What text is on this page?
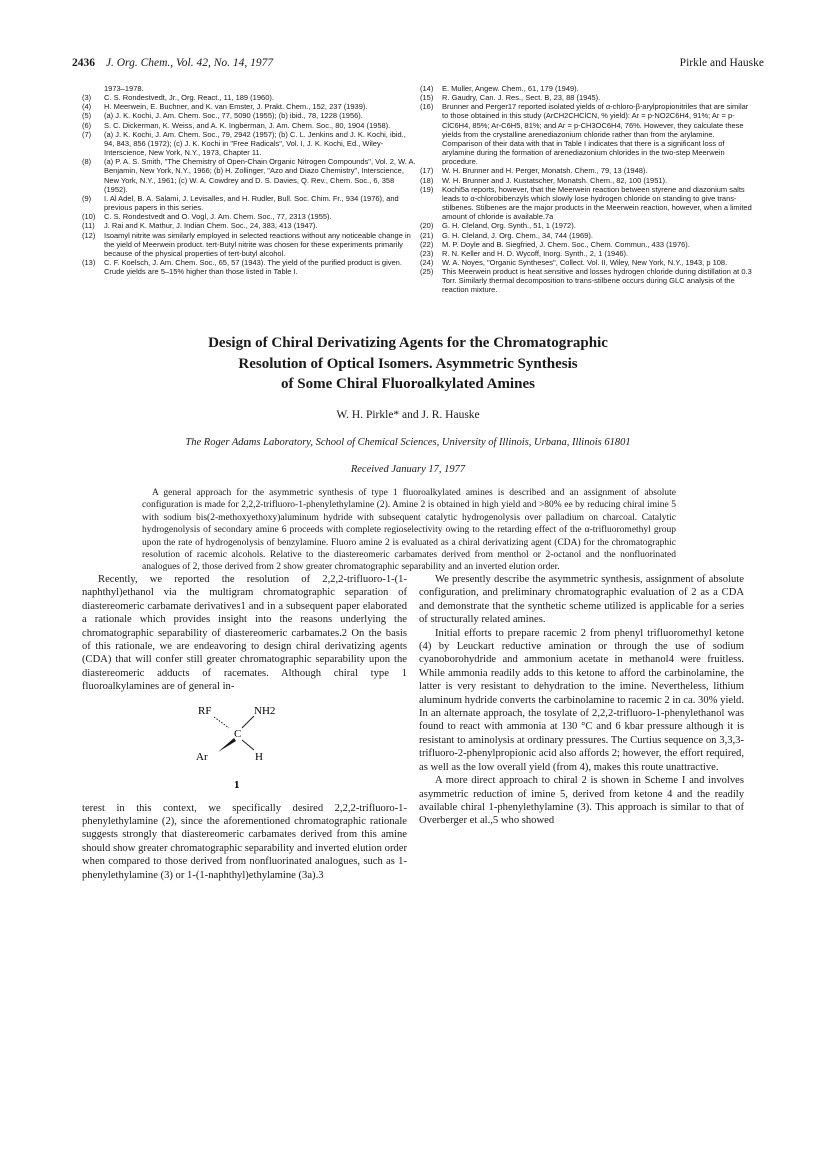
2436 J. Org. Chem., Vol. 42, No. 14, 1977	Pirkle and Hauske
1973–1978.
(3) C. S. Rondestvedt, Jr., Org. React., 11, 189 (1960).
(4) H. Meerwein, E. Buchner, and K. van Emster, J. Prakt. Chem., 152, 237 (1939).
(5) (a) J. K. Kochi, J. Am. Chem. Soc., 77, 5090 (1955); (b) ibid., 78, 1228 (1956).
(6) S. C. Dickerman, K. Weiss, and A. K. Ingberman, J. Am. Chem. Soc., 80, 1904 (1958).
(7) (a) J. K. Kochi, J. Am. Chem. Soc., 79, 2942 (1957); (b) C. L. Jenkins and J. K. Kochi, ibid., 94, 843, 856 (1972); (c) J. K. Kochi in "Free Radicals", Vol. I, J. K. Kochi, Ed., Wiley-Interscience, New York, N.Y., 1973, Chapter 11.
(8) (a) P. A. S. Smith, "The Chemistry of Open-Chain Organic Nitrogen Compounds", Vol. 2, W. A. Benjamin, New York, N.Y., 1966; (b) H. Zollinger, "Azo and Diazo Chemistry", Interscience, New York, N.Y., 1961; (c) W. A. Cowdrey and D. S. Davies, Q. Rev., Chem. Soc., 6, 358 (1952).
(9) I. Al Adel, B. A. Salami, J. Levisalles, and H. Rudler, Bull. Soc. Chim. Fr., 934 (1976), and previous papers in this series.
(10) C. S. Rondestvedt and O. Vogl, J. Am. Chem. Soc., 77, 2313 (1955).
(11) J. Rai and K. Mathur, J. Indian Chem. Soc., 24, 383, 413 (1947).
(12) Isoamyl nitrite was similarly employed in selected reactions without any noticeable change in the yield of Meerwein product. tert-Butyl nitrite was chosen for these experiments primarily because of the physical properties of tert-butyl alcohol.
(13) C. F. Koelsch, J. Am. Chem. Soc., 65, 57 (1943). The yield of the purified product is given. Crude yields are 5–15% higher than those listed in Table I.
(14) E. Muller, Angew. Chem., 61, 179 (1949).
(15) R. Gaudry, Can. J. Res., Sect. B, 23, 88 (1945).
(16) Brunner and Perger17 reported isolated yields of α-chloro-β-arylpropionitriles that are similar to those obtained in this study (ArCH2CHClCN, % yield): Ar = p-NO2C6H4, 91%; Ar = p-ClC6H4, 85%; Ar-C6H5, 81%; and Ar = p-CH3OC6H4, 76%. However, they calculate these yields from the crystalline arenediazonium chloride rather than from the arylamine. Comparison of their data with that in Table I indicates that there is a significant loss of arylamine during the formation of arenediazonium chlorides in the two-step Meerwein procedure.
(17) W. H. Brunner and H. Perger, Monatsh. Chem., 79, 13 (1948).
(18) W. H. Brunner and J. Kustatscher, Monatsh. Chem., 82, 100 (1951).
(19) Kochi5a reports, however, that the Meerwein reaction between styrene and diazonium salts leads to α-chlorobibenzyls which slowly lose hydrogen chloride on standing to give trans-stilbenes. Stilbenes are the major products in the Meerwein reaction, however, when a limited amount of chloride is available.7a
(20) G. H. Cleland, Org. Synth., 51, 1 (1972).
(21) G. H. Cleland, J. Org. Chem., 34, 744 (1969).
(22) M. P. Doyle and B. Siegfried, J. Chem. Soc., Chem. Commun., 433 (1976).
(23) R. N. Keller and H. D. Wycoff, Inorg. Synth., 2, 1 (1946).
(24) W. A. Noyes, "Organic Syntheses", Collect. Vol. II, Wiley, New York, N.Y., 1943, p 108.
(25) This Meerwein product is heat sensitive and losses hydrogen chloride during distillation at 0.3 Torr. Similarly thermal decomposition to trans-stilbene occurs during GLC analysis of the reaction mixture.
Design of Chiral Derivatizing Agents for the Chromatographic
Resolution of Optical Isomers. Asymmetric Synthesis
of Some Chiral Fluoroalkylated Amines
W. H. Pirkle* and J. R. Hauske
The Roger Adams Laboratory, School of Chemical Sciences, University of Illinois, Urbana, Illinois 61801
Received January 17, 1977
A general approach for the asymmetric synthesis of type 1 fluoroalkylated amines is described and an assignment of absolute configuration is made for 2,2,2-trifluoro-1-phenylethylamine (2). Amine 2 is obtained in high yield and >80% ee by reducing chiral imine 5 with sodium bis(2-methoxyethoxy)aluminum hydride with subsequent catalytic hydrogenolysis over palladium on charcoal. Catalytic hydrogenolysis of secondary amine 6 proceeds with complete regioselectivity owing to the retarding effect of the α-trifluoromethyl group upon the rate of hydrogenolysis of benzylamine. Fluoro amine 2 is evaluated as a chiral derivatizing agent (CDA) for the chromatographic resolution of racemic alcohols. Relative to the diastereomeric carbamates derived from menthol or 2-octanol and the nonfluorinated analogues of 2, those derived from 2 show greater chromatographic separability and an inverted elution order.

Recently, we reported the resolution of 2,2,2-trifluoro-1-(1-naphthyl)ethanol via the multigram chromatographic separation of diastereomeric carbamate derivatives1 and in a subsequent paper elaborated a rationale which provides insight into the reasons underlying the chromatographic separability of diastereomeric carbamates.2 On the basis of this rationale, we are endeavoring to design chiral derivatizing agents (CDA) that will confer still greater chromatographic separability upon the diastereomeric adducts of racemates. Although chiral type 1 fluoroalkylamines are of general in-

RF
C
NH2
Ar	H
1

terest in this context, we specifically desired 2,2,2-trifluoro-1-phenylethylamine (2), since the aforementioned chromatographic rationale suggests strongly that diastereomeric carbamates derived from this amine should show greater chromatographic separability and inverted elution order when compared to those derived from nonfluorinated analogues, such as 1-phenylethylamine (3) or 1-(1-naphthyl)ethylamine (3a).3

We presently describe the asymmetric synthesis, assignment of absolute configuration, and preliminary chromatographic evaluation of 2 as a CDA and demonstrate that the synthetic scheme utilized is applicable for a series of structurally related amines.

Initial efforts to prepare racemic 2 from phenyl trifluoromethyl ketone (4) by Leuckart reductive amination or through the use of sodium cyanoborohydride and ammonium acetate in methanol4 were fruitless. While ammonia readily adds to this ketone to afford the carbinolamine, the latter is very resistant to dehydration to the imine. Nevertheless, lithium aluminum hydride converts the carbinolamine to racemic 2 in ca. 30% yield. In an alternate approach, the tosylate of 2,2,2-trifluoro-1-phenylethanol was found to react with ammonia at 130 °C and 6 kbar pressure although it is resistant to aminolysis at ordinary pressures. The Curtius sequence on 3,3,3-trifluoro-2-phenylpropionic acid also affords 2; however, the effort required, as well as the low overall yield (from 4), makes this route unattractive.

A more direct approach to chiral 2 is shown in Scheme I and involves asymmetric reduction of imine 5, derived from ketone 4 and the readily available chiral 1-phenylethylamine (3). This approach is similar to that of Overberger et al.,5 who showed
